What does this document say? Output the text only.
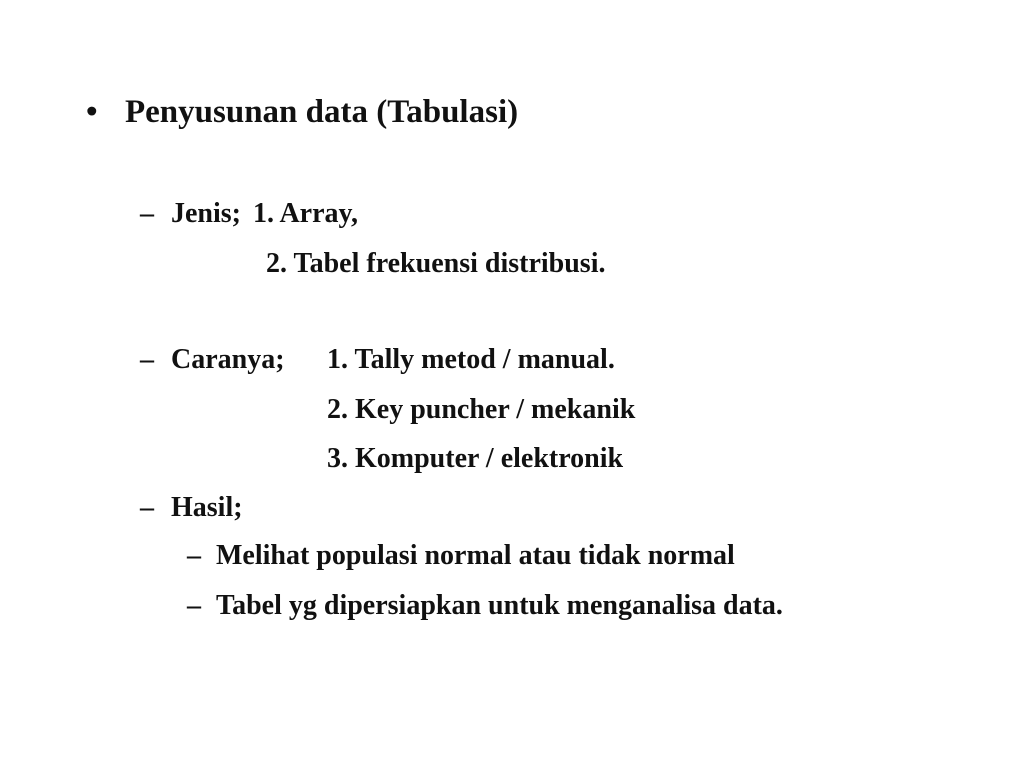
• Penyusunan data (Tabulasi)
– Jenis; 1. Array,
2. Tabel frekuensi distribusi.
– Caranya; 1. Tally metod / manual.
2. Key puncher / mekanik
3. Komputer / elektronik
– Hasil;
– Melihat populasi normal atau tidak normal
– Tabel yg dipersiapkan untuk menganalisa data.
